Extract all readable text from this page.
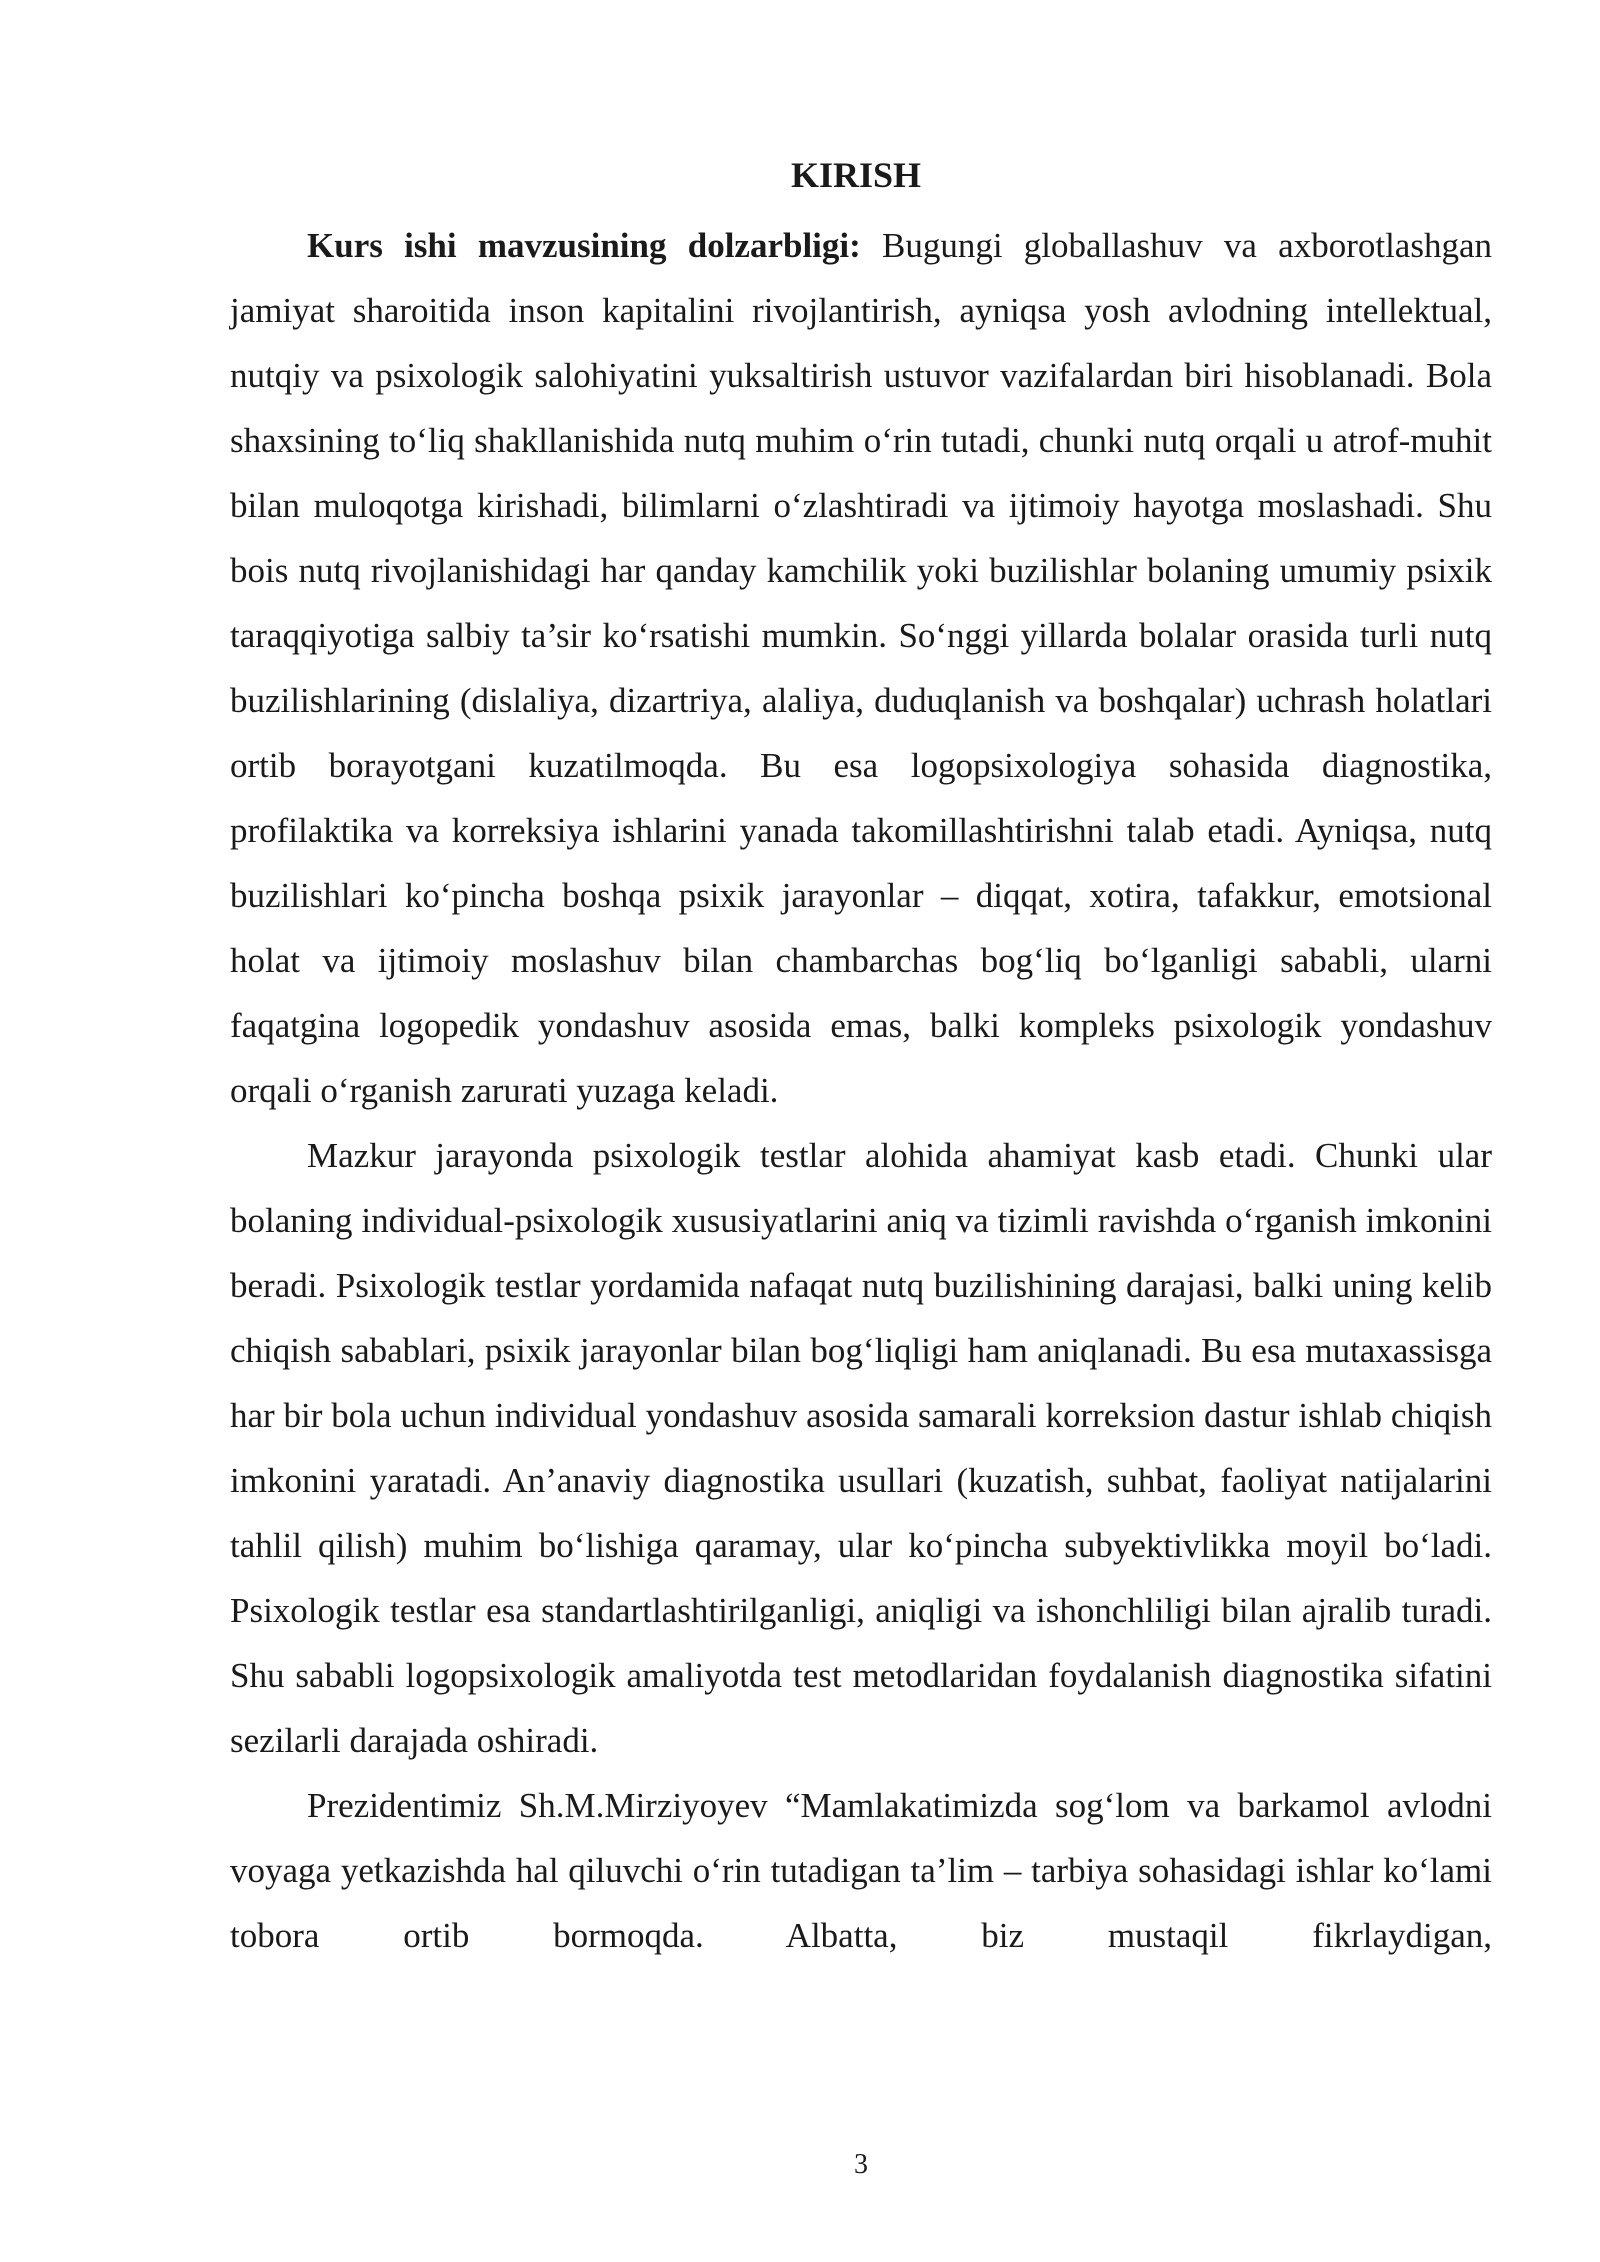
KIRISH

Kurs ishi mavzusining dolzarbligi: Bugungi globallashuv va axborotlashgan jamiyat sharoitida inson kapitalini rivojlantirish, ayniqsa yosh avlodning intellektual, nutqiy va psixologik salohiyatini yuksaltirish ustuvor vazifalardan biri hisoblanadi. Bola shaxsining to‘liq shakllanishida nutq muhim o‘rin tutadi, chunki nutq orqali u atrof-muhit bilan muloqotga kirishadi, bilimlarni o‘zlashtiradi va ijtimoiy hayotga moslashadi. Shu bois nutq rivojlanishidagi har qanday kamchilik yoki buzilishlar bolaning umumiy psixik taraqqiyotiga salbiy ta’sir ko‘rsatishi mumkin. So‘nggi yillarda bolalar orasida turli nutq buzilishlarining (dislaliya, dizartriya, alaliya, duduqlanish va boshqalar) uchrash holatlari ortib borayotgani kuzatilmoqda. Bu esa logopsixologiya sohasida diagnostika, profilaktika va korreksiya ishlarini yanada takomillashtirishni talab etadi. Ayniqsa, nutq buzilishlari ko‘pincha boshqa psixik jarayonlar – diqqat, xotira, tafakkur, emotsional holat va ijtimoiy moslashuv bilan chambarchas bog‘liq bo‘lganligi sababli, ularni faqatgina logopedik yondashuv asosida emas, balki kompleks psixologik yondashuv orqali o‘rganish zarurati yuzaga keladi.

Mazkur jarayonda psixologik testlar alohida ahamiyat kasb etadi. Chunki ular bolaning individual-psixologik xususiyatlarini aniq va tizimli ravishda o‘rganish imkonini beradi. Psixologik testlar yordamida nafaqat nutq buzilishining darajasi, balki uning kelib chiqish sabablari, psixik jarayonlar bilan bog‘liqligi ham aniqlanadi. Bu esa mutaxassisga har bir bola uchun individual yondashuv asosida samarali korreksion dastur ishlab chiqish imkonini yaratadi. An’anaviy diagnostika usullari (kuzatish, suhbat, faoliyat natijalarini tahlil qilish) muhim bo‘lishiga qaramay, ular ko‘pincha subyektivlikka moyil bo‘ladi. Psixologik testlar esa standartlashtirilganligi, aniqligi va ishonchliligi bilan ajralib turadi. Shu sababli logopsixologik amaliyotda test metodlaridan foydalanish diagnostika sifatini sezilarli darajada oshiradi.

Prezidentimiz Sh.M.Mirziyoyev “Mamlakatimizda sog‘lom va barkamol avlodni voyaga yetkazishda hal qiluvchi o‘rin tutadigan ta’lim – tarbiya sohasidagi ishlar ko‘lami tobora ortib bormoqda. Albatta, biz mustaqil fikrlaydigan,

3
